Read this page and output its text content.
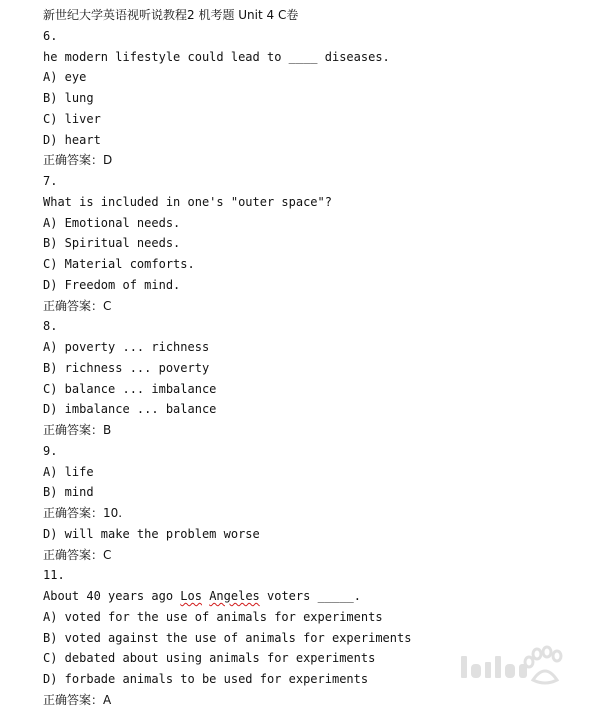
新世纪大学英语视听说教程2 机考题 Unit 4 C卷
6.
he modern lifestyle could lead to ____ diseases.
A) eye
B) lung
C) liver
D) heart
正确答案：D
7.
What is included in one's "outer space"?
A) Emotional needs.
B) Spiritual needs.
C) Material comforts.
D) Freedom of mind.
正确答案：C
8.
A) poverty ... richness
B) richness ... poverty
C) balance ... imbalance
D) imbalance ... balance
正确答案：B
9.
A) life
B) mind
正确答案：10.
D) will make the problem worse
正确答案：C
11.
About 40 years ago Los Angeles voters _____.
A) voted for the use of animals for experiments
B) voted against the use of animals for experiments
C) debated about using animals for experiments
D) forbade animals to be used for experiments
正确答案：A
